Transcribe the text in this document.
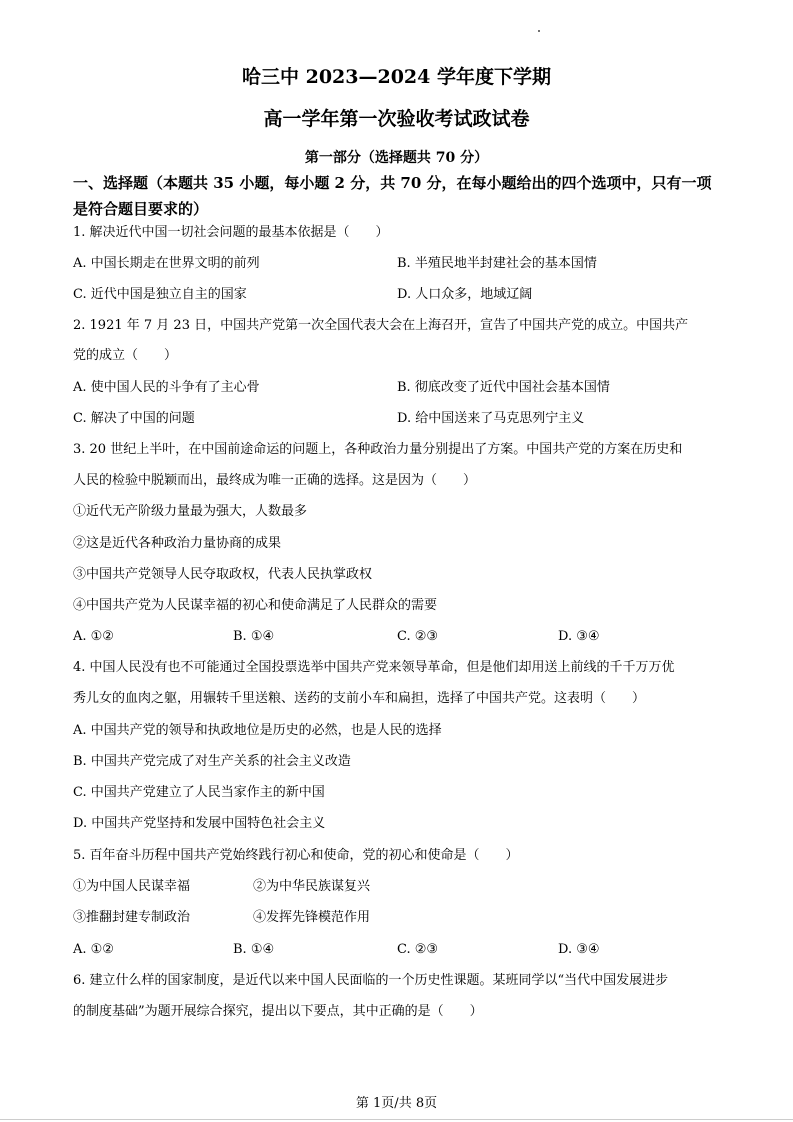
哈三中 2023—2024 学年度下学期
高一学年第一次验收考试政试卷
第一部分（选择题共 70 分）
一、选择题（本题共 35 小题，每小题 2 分，共 70 分，在每小题给出的四个选项中，只有一项是符合题目要求的）
1. 解决近代中国一切社会问题的最基本依据是（　　）
A. 中国长期走在世界文明的前列	B. 半殖民地半封建社会的基本国情
C. 近代中国是独立自主的国家	D. 人口众多，地域辽阔
2. 1921 年 7 月 23 日，中国共产党第一次全国代表大会在上海召开，宣告了中国共产党的成立。中国共产
党的成立（　　）
A. 使中国人民的斗争有了主心骨	B. 彻底改变了近代中国社会基本国情
C. 解决了中国的问题	D. 给中国送来了马克思列宁主义
3. 20 世纪上半叶，在中国前途命运的问题上，各种政治力量分别提出了方案。中国共产党的方案在历史和
人民的检验中脱颖而出，最终成为唯一正确的选择。这是因为（　　）
①近代无产阶级力量最为强大，人数最多
②这是近代各种政治力量协商的成果
③中国共产党领导人民夺取政权，代表人民执掌政权
④中国共产党为人民谋幸福的初心和使命满足了人民群众的需要
A. ①②	B. ①④	C. ②③	D. ③④
4. 中国人民没有也不可能通过全国投票选举中国共产党来领导革命，但是他们却用送上前线的千千万万优
秀儿女的血肉之躯，用辗转千里送粮、送药的支前小车和扁担，选择了中国共产党。这表明（　　）
A. 中国共产党的领导和执政地位是历史的必然，也是人民的选择
B. 中国共产党完成了对生产关系的社会主义改造
C. 中国共产党建立了人民当家作主的新中国
D. 中国共产党坚持和发展中国特色社会主义
5. 百年奋斗历程中国共产党始终践行初心和使命，党的初心和使命是（　　）
①为中国人民谋幸福	②为中华民族谋复兴
③推翻封建专制政治	④发挥先锋模范作用
A. ①②	B. ①④	C. ②③	D. ③④
6. 建立什么样的国家制度，是近代以来中国人民面临的一个历史性课题。某班同学以“当代中国发展进步
的制度基础”为题开展综合探究，提出以下要点，其中正确的是（　　）
第 1页/共 8页
